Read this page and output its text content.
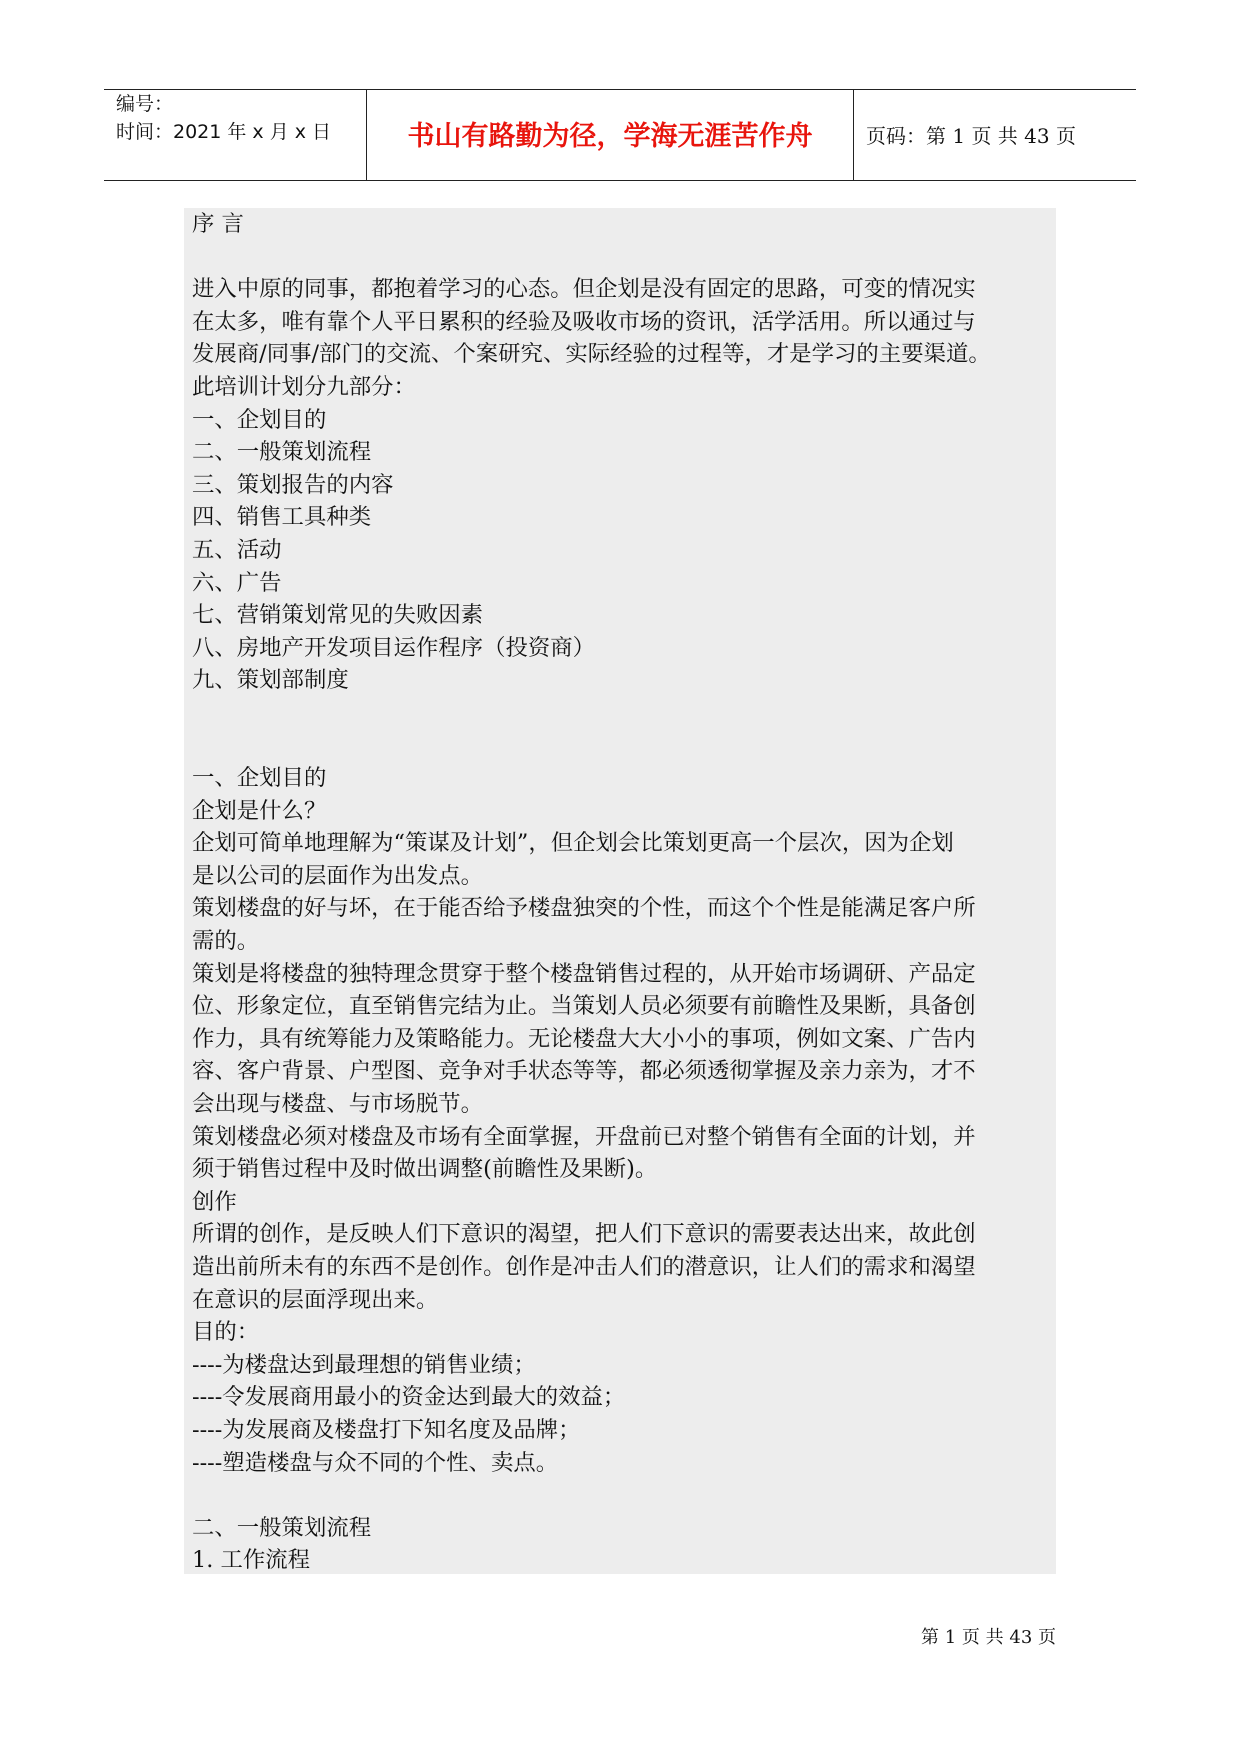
编号：
时间：2021 年 x 月 x 日	书山有路勤为径，学海无涯苦作舟	页码：第 1 页 共 43 页
序 言
进入中原的同事，都抱着学习的心态。但企划是没有固定的思路，可变的情况实
在太多，唯有靠个人平日累积的经验及吸收市场的资讯，活学活用。所以通过与
发展商/同事/部门的交流、个案研究、实际经验的过程等，才是学习的主要渠道。
此培训计划分九部分：
一、企划目的
二、一般策划流程
三、策划报告的内容
四、销售工具种类
五、活动
六、广告
七、营销策划常见的失败因素
八、房地产开发项目运作程序（投资商）
九、策划部制度
一、企划目的
企划是什么？
企划可简单地理解为“策谋及计划”，但企划会比策划更高一个层次，因为企划
是以公司的层面作为出发点。
策划楼盘的好与坏，在于能否给予楼盘独突的个性，而这个个性是能满足客户所
需的。
策划是将楼盘的独特理念贯穿于整个楼盘销售过程的，从开始市场调研、产品定
位、形象定位，直至销售完结为止。当策划人员必须要有前瞻性及果断，具备创
作力，具有统筹能力及策略能力。无论楼盘大大小小的事项，例如文案、广告内
容、客户背景、户型图、竞争对手状态等等，都必须透彻掌握及亲力亲为，才不
会出现与楼盘、与市场脱节。
策划楼盘必须对楼盘及市场有全面掌握，开盘前已对整个销售有全面的计划，并
须于销售过程中及时做出调整(前瞻性及果断)。
创作
所谓的创作，是反映人们下意识的渴望，把人们下意识的需要表达出来，故此创
造出前所未有的东西不是创作。创作是冲击人们的潜意识，让人们的需求和渴望
在意识的层面浮现出来。
目的：
----为楼盘达到最理想的销售业绩；
----令发展商用最小的资金达到最大的效益；
----为发展商及楼盘打下知名度及品牌；
----塑造楼盘与众不同的个性、卖点。
二、一般策划流程
1. 工作流程
第 1 页 共 43 页
